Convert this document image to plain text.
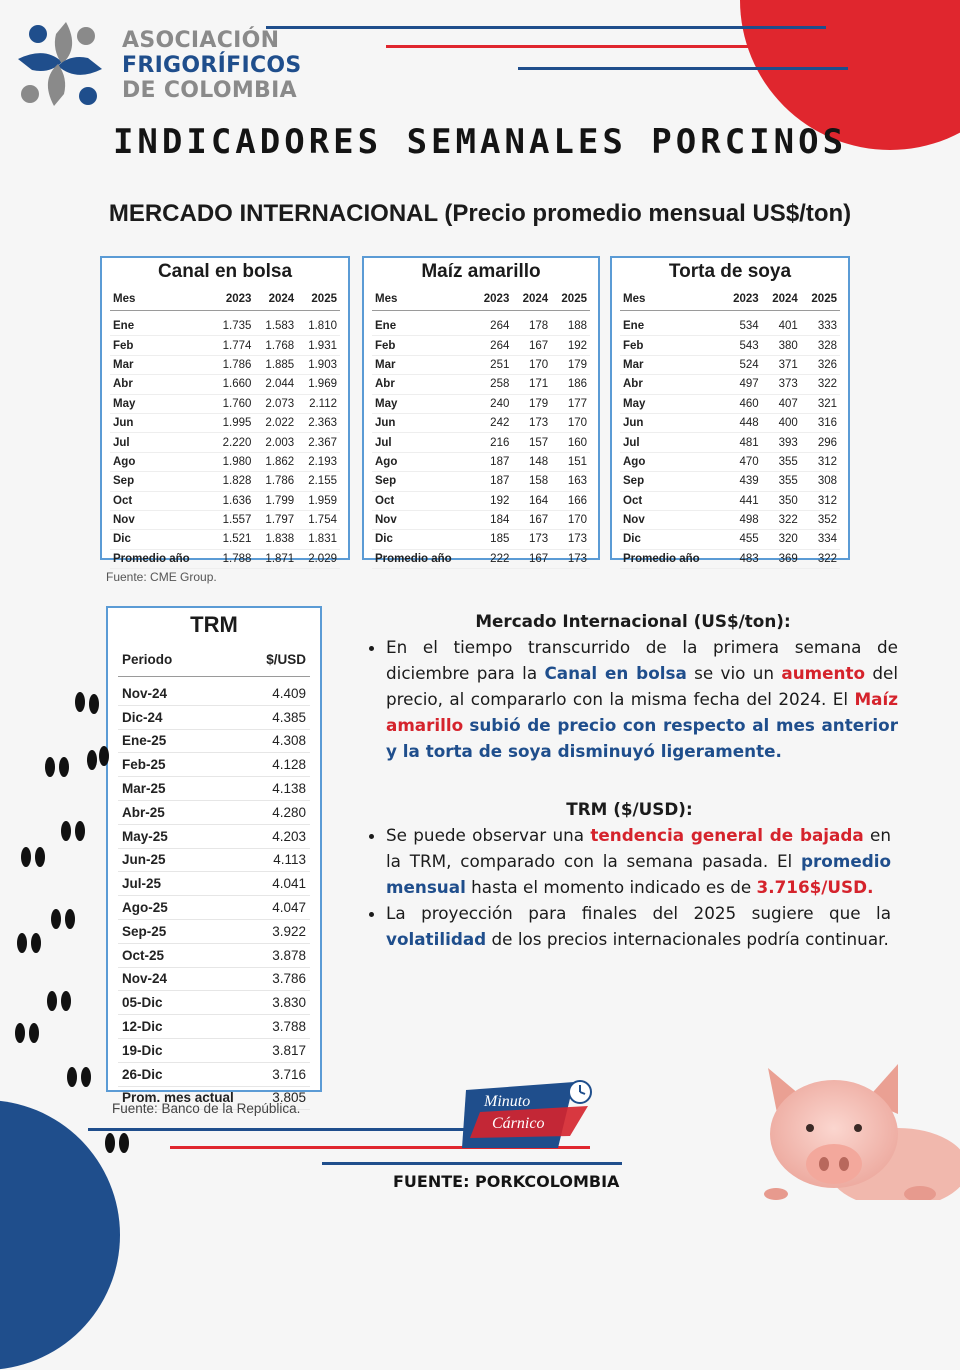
ASOCIACIÓN
FRIGORÍFICOS
DE COLOMBIA
INDICADORES SEMANALES PORCINOS
MERCADO INTERNACIONAL (Precio promedio mensual US$/ton)
Canal en bolsa
Mes	2023	2024	2025

Ene	1.735	1.583	1.810
Feb	1.774	1.768	1.931
Mar	1.786	1.885	1.903
Abr	1.660	2.044	1.969
May	1.760	2.073	2.112
Jun	1.995	2.022	2.363
Jul	2.220	2.003	2.367
Ago	1.980	1.862	2.193
Sep	1.828	1.786	2.155
Oct	1.636	1.799	1.959
Nov	1.557	1.797	1.754
Dic	1.521	1.838	1.831
Promedio año	1.788	1.871	2.029
Maíz amarillo
Mes	2023	2024	2025

Ene	264	178	188
Feb	264	167	192
Mar	251	170	179
Abr	258	171	186
May	240	179	177
Jun	242	173	170
Jul	216	157	160
Ago	187	148	151
Sep	187	158	163
Oct	192	164	166
Nov	184	167	170
Dic	185	173	173
Promedio año	222	167	173
Torta de soya
Mes	2023	2024	2025

Ene	534	401	333
Feb	543	380	328
Mar	524	371	326
Abr	497	373	322
May	460	407	321
Jun	448	400	316
Jul	481	393	296
Ago	470	355	312
Sep	439	355	308
Oct	441	350	312
Nov	498	322	352
Dic	455	320	334
Promedio año	483	369	322
Fuente: CME Group.
TRM
Periodo	$/USD

Nov-24	4.409
Dic-24	4.385
Ene-25	4.308
Feb-25	4.128
Mar-25	4.138
Abr-25	4.280
May-25	4.203
Jun-25	4.113
Jul-25	4.041
Ago-25	4.047
Sep-25	3.922
Oct-25	3.878
Nov-24	3.786
05-Dic	3.830
12-Dic	3.788
19-Dic	3.817
26-Dic	3.716
Prom. mes actual	3.805
Fuente: Banco de la República.
Mercado Internacional (US$/ton):
• En el tiempo transcurrido de la primera semana de diciembre para la Canal en bolsa se vio un aumento del precio, al compararlo con la misma fecha del 2024. El Maíz amarillo subió de precio con respecto al mes anterior y la torta de soya disminuyó ligeramente.
TRM ($/USD):
• Se puede observar una tendencia general de bajada en la TRM, comparado con la semana pasada. El promedio mensual hasta el momento indicado es de 3.716$/USD.
• La proyección para finales del 2025 sugiere que la volatilidad de los precios internacionales podría continuar.
Minuto
Cárnico
FUENTE: PORKCOLOMBIA
